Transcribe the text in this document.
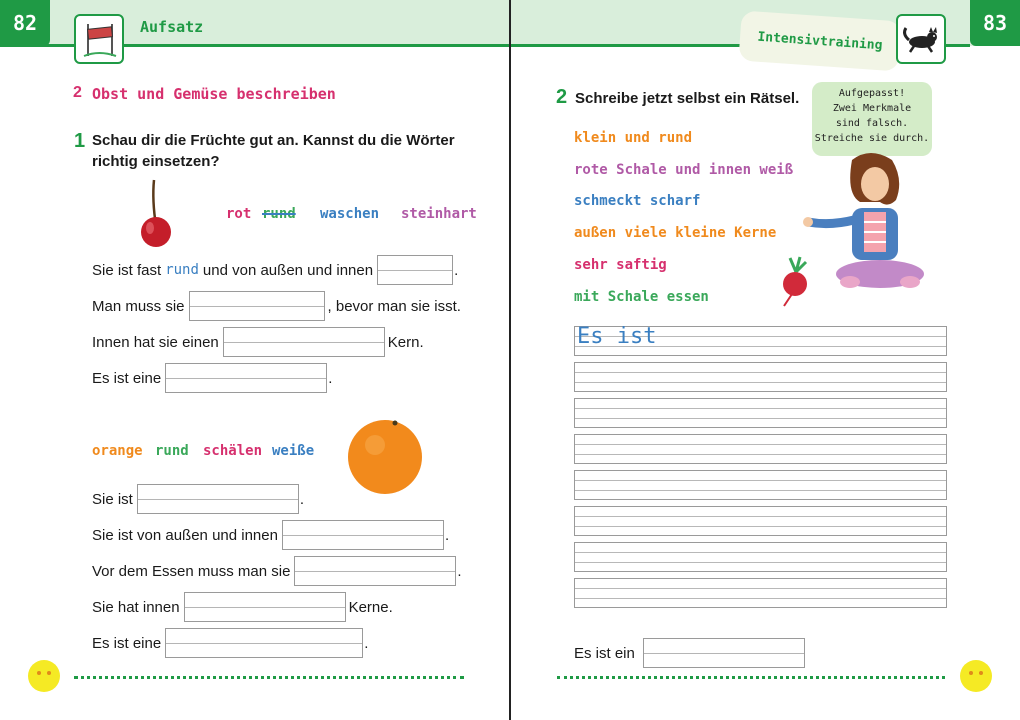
82	Aufsatz
2 Obst und Gemüse beschreiben
1 Schau dir die Früchte gut an. Kannst du die Wörter
richtig einsetzen?
rot rund waschen steinhart
Sie ist fast rund und von außen und innen	.
Man muss sie	, bevor man sie isst.
Innen hat sie einen	Kern.
Es ist eine	.
orange rund schälen weiße
Sie ist	.
Sie ist von außen und innen	.
Vor dem Essen muss man sie	.
Sie hat innen	Kerne.
Es ist eine	.
83
Intensivtraining
2 Schreibe jetzt selbst ein Rätsel.	Aufgepasst!
Zwei Merkmale
sind falsch.
Streiche sie durch.
klein und rund
rote Schale und innen weiß
schmeckt scharf
außen viele kleine Kerne
sehr saftig
mit Schale essen
Es ist
Es ist ein
